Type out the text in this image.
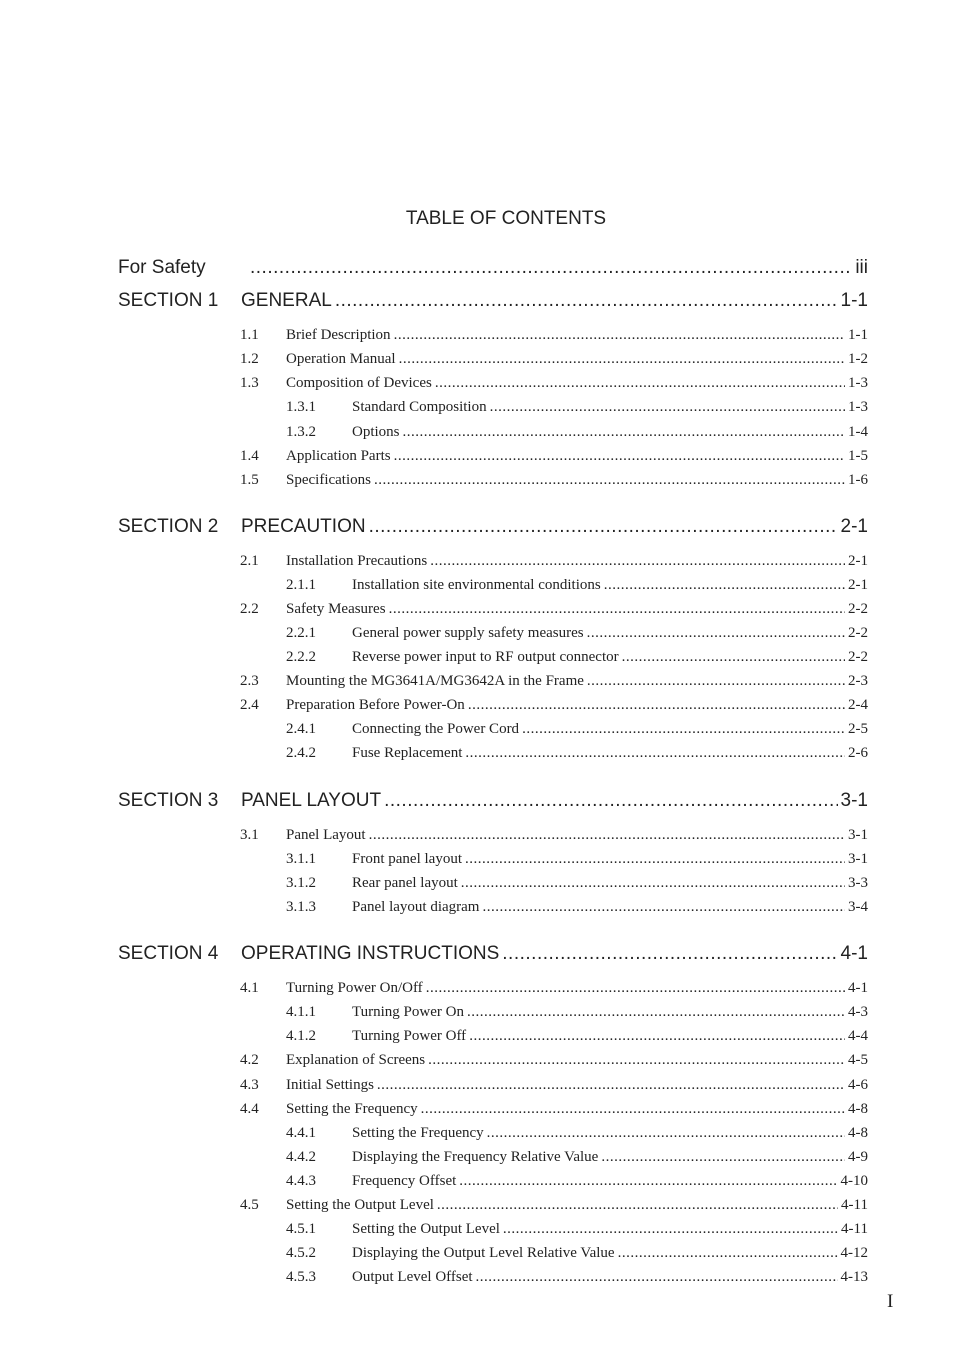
TABLE OF CONTENTS
For Safety .....	iii
SECTION 1	GENERAL .....	1-1
1.1	Brief Description .....	1-1
1.2	Operation Manual .....	1-2
1.3	Composition of Devices .....	1-3
1.3.1	Standard Composition .....	1-3
1.3.2	Options .....	1-4
1.4	Application Parts .....	1-5
1.5	Specifications .....	1-6
SECTION 2	PRECAUTION .....	2-1
2.1	Installation Precautions .....	2-1
2.1.1	Installation site environmental conditions .....	2-1
2.2	Safety Measures .....	2-2
2.2.1	General power supply safety measures .....	2-2
2.2.2	Reverse power input to RF output connector .....	2-2
2.3	Mounting the MG3641A/MG3642A in the Frame .....	2-3
2.4	Preparation Before Power-On .....	2-4
2.4.1	Connecting the Power Cord .....	2-5
2.4.2	Fuse Replacement .....	2-6
SECTION 3	PANEL LAYOUT .....	3-1
3.1	Panel Layout .....	3-1
3.1.1	Front panel layout .....	3-1
3.1.2	Rear panel layout .....	3-3
3.1.3	Panel layout diagram .....	3-4
SECTION 4	OPERATING INSTRUCTIONS .....	4-1
4.1	Turning Power On/Off .....	4-1
4.1.1	Turning Power On .....	4-3
4.1.2	Turning Power Off .....	4-4
4.2	Explanation of Screens .....	4-5
4.3	Initial Settings .....	4-6
4.4	Setting the Frequency .....	4-8
4.4.1	Setting the Frequency .....	4-8
4.4.2	Displaying the Frequency Relative Value .....	4-9
4.4.3	Frequency Offset .....	4-10
4.5	Setting the Output Level .....	4-11
4.5.1	Setting the Output Level .....	4-11
4.5.2	Displaying the Output Level Relative Value .....	4-12
4.5.3	Output Level Offset .....	4-13
I
